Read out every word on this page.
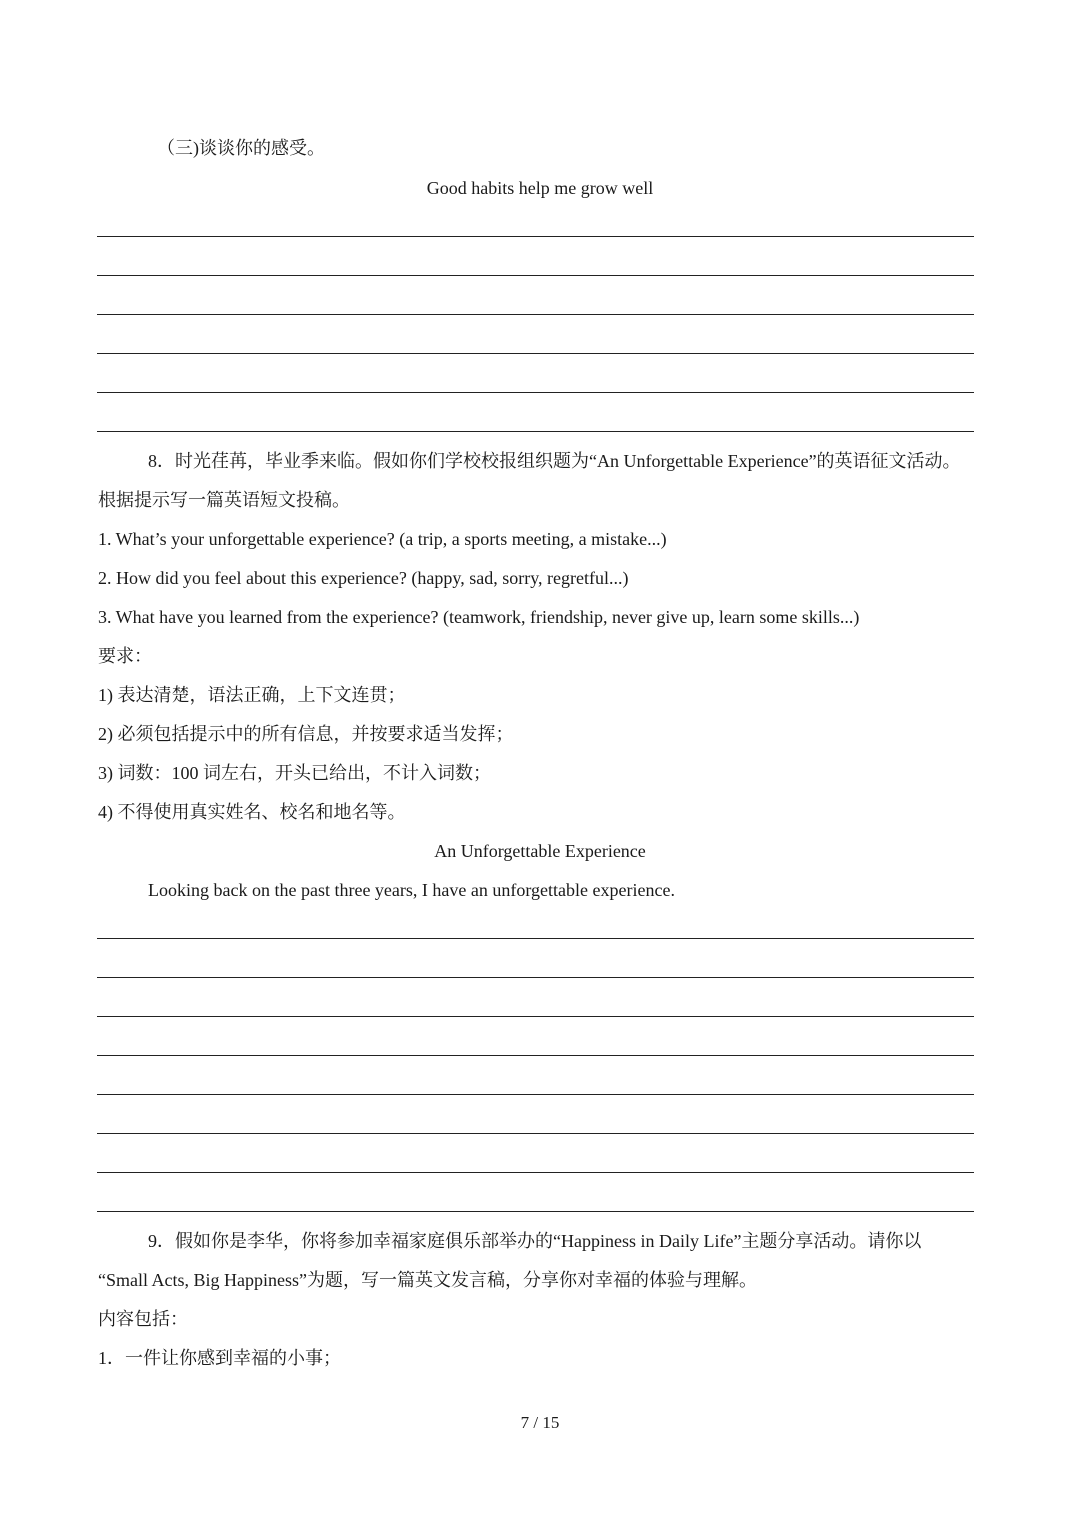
（三)谈谈你的感受。

Good habits help me grow well

8．时光荏苒，毕业季来临。假如你们学校校报组织题为“An Unforgettable Experience”的英语征文活动。

根据提示写一篇英语短文投稿。

1. What’s your unforgettable experience? (a trip, a sports meeting, a mistake...)

2. How did you feel about this experience? (happy, sad, sorry, regretful...)

3. What have you learned from the experience? (teamwork, friendship, never give up, learn some skills...)

要求：

1) 表达清楚，语法正确，上下文连贯；

2) 必须包括提示中的所有信息，并按要求适当发挥；

3) 词数：100 词左右，开头已给出，不计入词数；

4) 不得使用真实姓名、校名和地名等。

An Unforgettable Experience

Looking back on the past three years, I have an unforgettable experience.

9．假如你是李华，你将参加幸福家庭俱乐部举办的“Happiness in Daily Life”主题分享活动。请你以

“Small Acts, Big Happiness”为题，写一篇英文发言稿，分享你对幸福的体验与理解。

内容包括：

1．一件让你感到幸福的小事；

7 / 15
